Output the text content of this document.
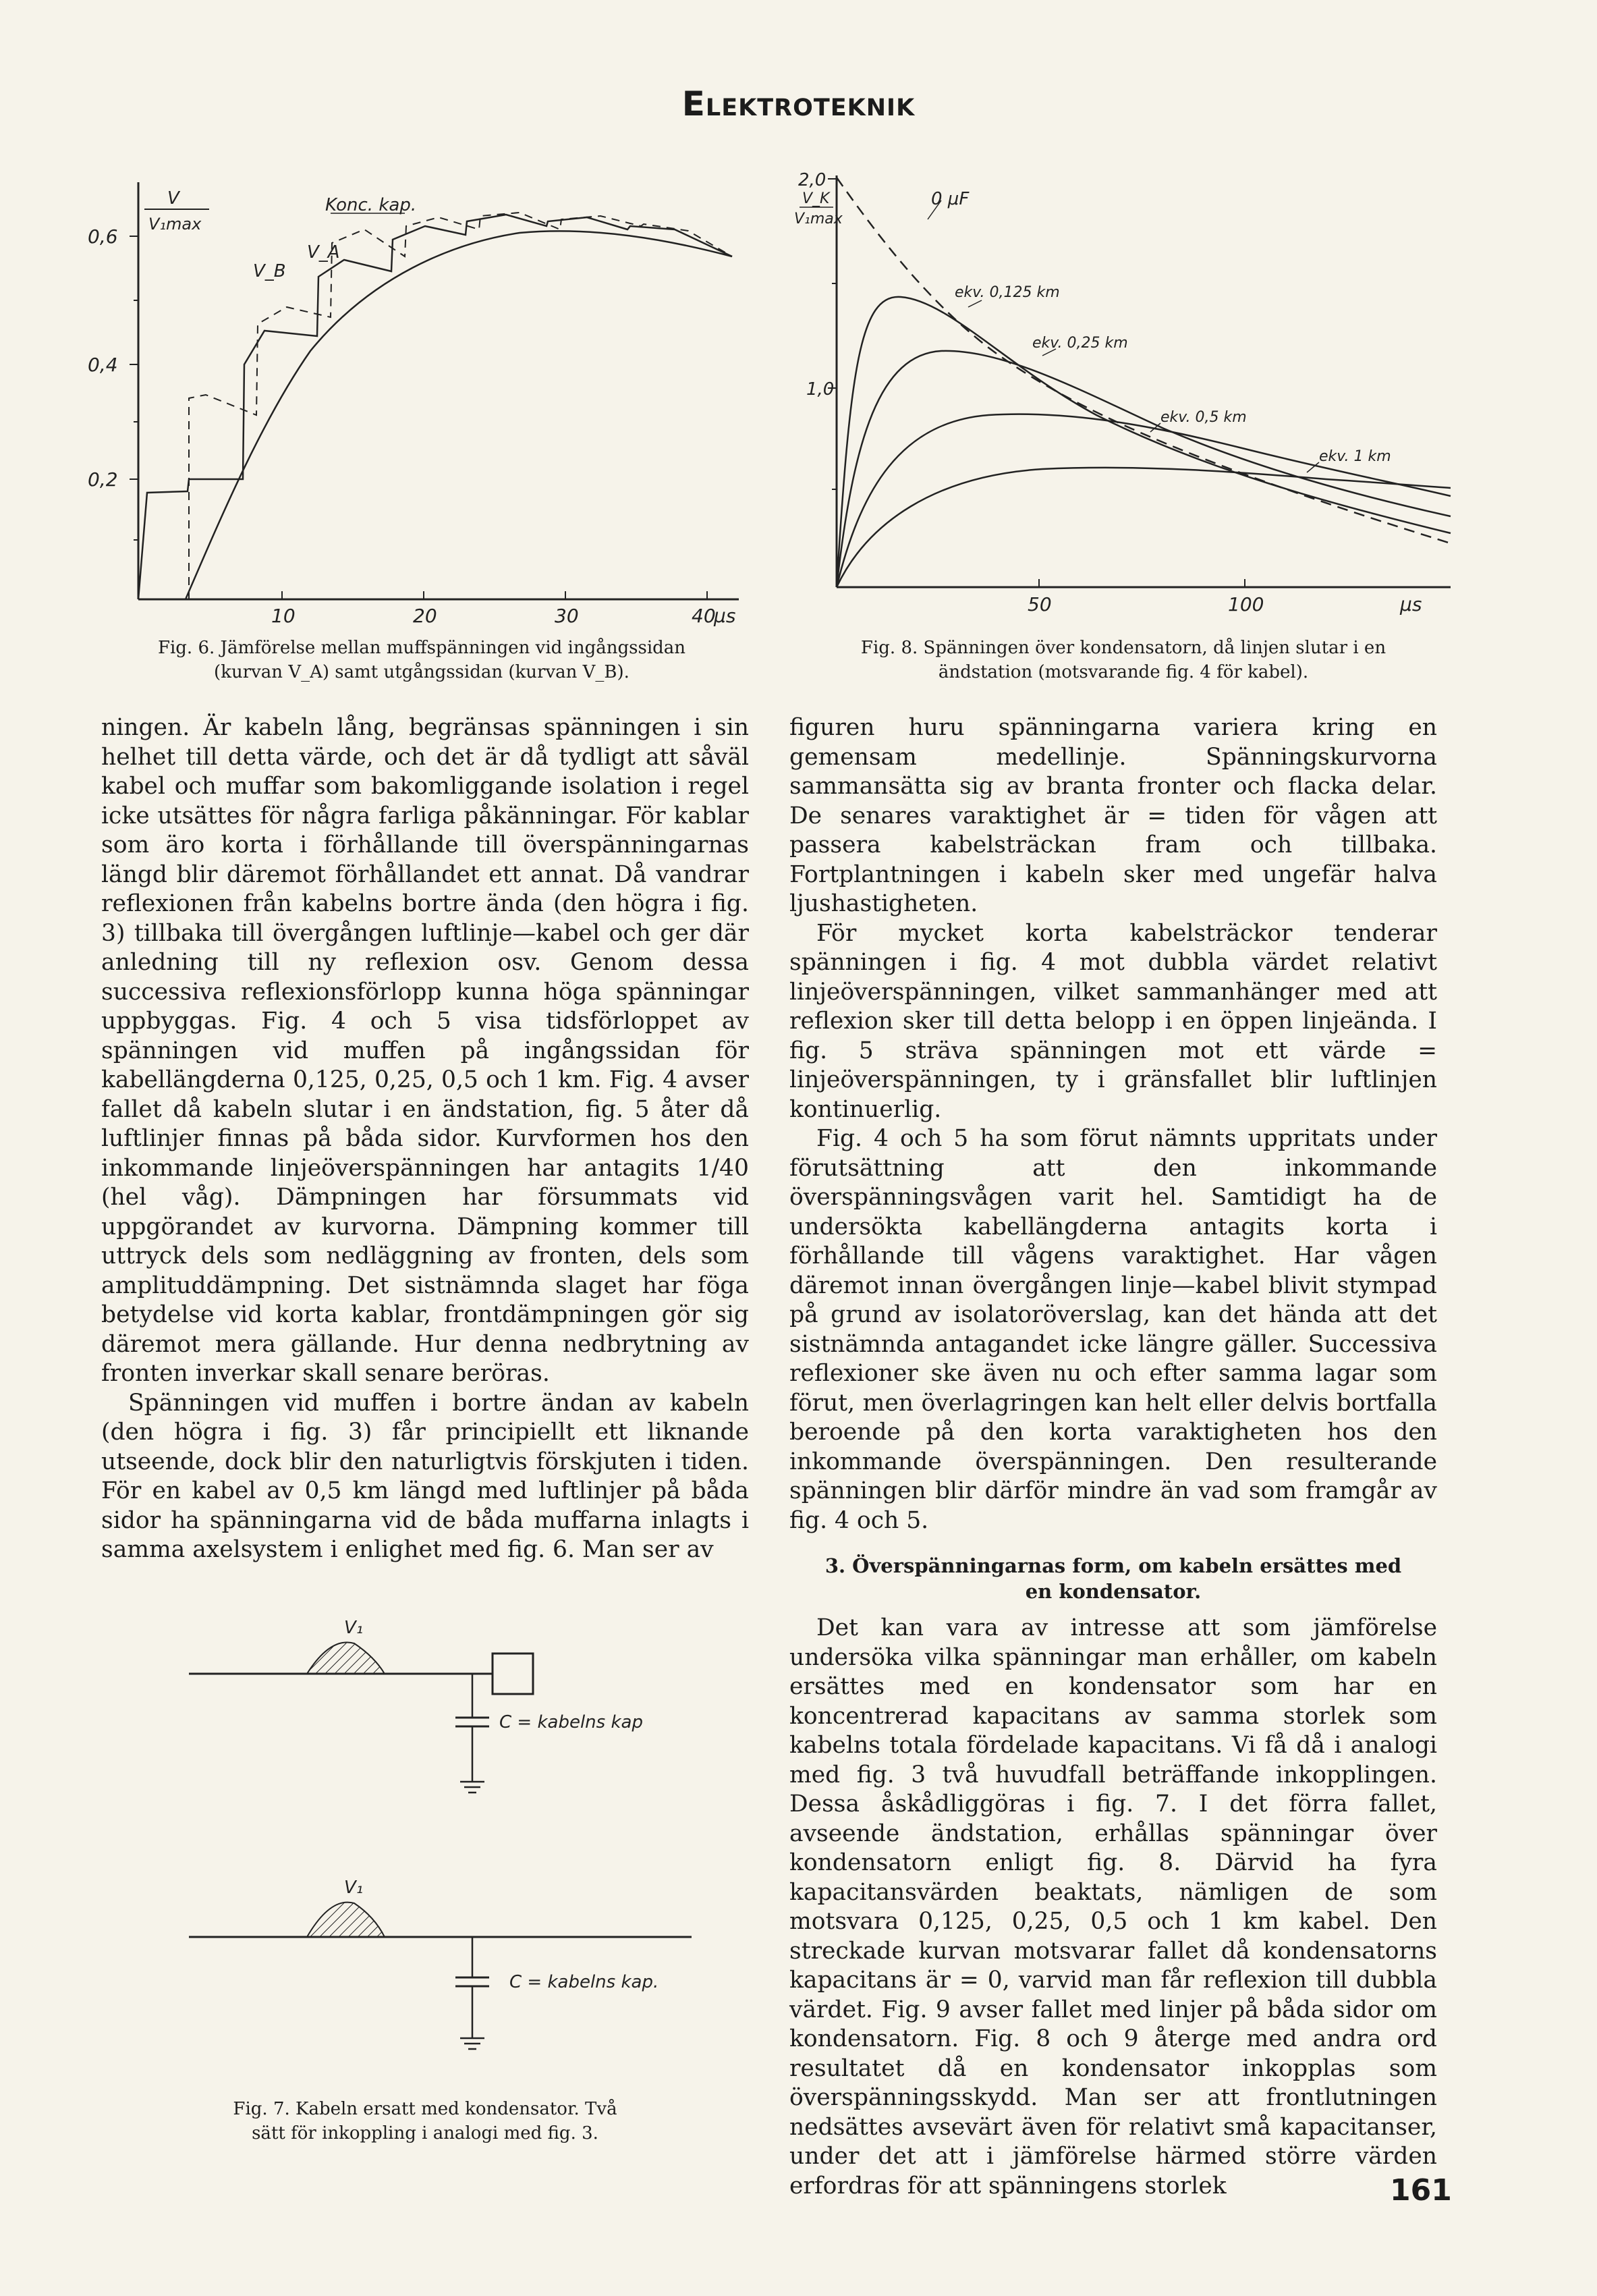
Elektroteknik
V
V₁max
V_B
V_A
Konc. kap.
0,6
0,4
0,2
10	20	30	40
μs
Fig. 6. Jämförelse mellan muffspänningen vid ingångssidan
(kurvan V_A) samt utgångssidan (kurvan V_B).
2,0
V_K
V₁max
1,0
0 μF
ekv. 0,125 km
ekv. 0,25 km
ekv. 0,5 km
ekv. 1 km
50	100	μs
Fig. 8. Spänningen över kondensatorn, då linjen slutar i en
ändstation (motsvarande fig. 4 för kabel).

ningen. Är kabeln lång, begränsas spänningen i sin helhet till detta värde, och det är då tydligt att såväl kabel och muffar som bakomliggande isolation i regel icke utsättes för några farliga påkänningar. För kablar som äro korta i förhållande till överspänningarnas längd blir däremot förhållandet ett annat. Då vandrar reflexionen från kabelns bortre ända (den högra i fig. 3) tillbaka till övergången luftlinje—kabel och ger där anledning till ny reflexion osv. Genom dessa successiva reflexionsförlopp kunna höga spänningar uppbyggas. Fig. 4 och 5 visa tidsförloppet av spänningen vid muffen på ingångssidan för kabellängderna 0,125, 0,25, 0,5 och 1 km. Fig. 4 avser fallet då kabeln slutar i en ändstation, fig. 5 åter då luftlinjer finnas på båda sidor. Kurvformen hos den inkommande linjeöverspänningen har antagits 1/40 (hel våg). Dämpningen har försummats vid uppgörandet av kurvorna. Dämpning kommer till uttryck dels som nedläggning av fronten, dels som amplituddämpning. Det sistnämnda slaget har föga betydelse vid korta kablar, frontdämpningen gör sig däremot mera gällande. Hur denna nedbrytning av fronten inverkar skall senare beröras.

Spänningen vid muffen i bortre ändan av kabeln (den högra i fig. 3) får principiellt ett liknande utseende, dock blir den naturligtvis förskjuten i tiden. För en kabel av 0,5 km längd med luftlinjer på båda sidor ha spänningarna vid de båda muffarna inlagts i samma axelsystem i enlighet med fig. 6. Man ser av

V₁
C = kabelns kap
V₁
C = kabelns kap.
Fig. 7. Kabeln ersatt med kondensator. Två
sätt för inkoppling i analogi med fig. 3.

figuren huru spänningarna variera kring en gemensam medellinje. Spänningskurvorna sammansätta sig av branta fronter och flacka delar. De senares varaktighet är = tiden för vågen att passera kabelsträckan fram och tillbaka. Fortplantningen i kabeln sker med ungefär halva ljushastigheten.

För mycket korta kabelsträckor tenderar spänningen i fig. 4 mot dubbla värdet relativt linjeöverspänningen, vilket sammanhänger med att reflexion sker till detta belopp i en öppen linjeända. I fig. 5 sträva spänningen mot ett värde = linjeöverspänningen, ty i gränsfallet blir luftlinjen kontinuerlig.

Fig. 4 och 5 ha som förut nämnts uppritats under förutsättning att den inkommande överspänningsvågen varit hel. Samtidigt ha de undersökta kabellängderna antagits korta i förhållande till vågens varaktighet. Har vågen däremot innan övergången linje—kabel blivit stympad på grund av isolatoröverslag, kan det hända att det sistnämnda antagandet icke längre gäller. Successiva reflexioner ske även nu och efter samma lagar som förut, men överlagringen kan helt eller delvis bortfalla beroende på den korta varaktigheten hos den inkommande överspänningen. Den resulterande spänningen blir därför mindre än vad som framgår av fig. 4 och 5.

3. Överspänningarnas form, om kabeln ersättes med
en kondensator.

Det kan vara av intresse att som jämförelse undersöka vilka spänningar man erhåller, om kabeln ersättes med en kondensator som har en koncentrerad kapacitans av samma storlek som kabelns totala fördelade kapacitans. Vi få då i analogi med fig. 3 två huvudfall beträffande inkopplingen. Dessa åskådliggöras i fig. 7. I det förra fallet, avseende ändstation, erhållas spänningar över kondensatorn enligt fig. 8. Därvid ha fyra kapacitansvärden beaktats, nämligen de som motsvara 0,125, 0,25, 0,5 och 1 km kabel. Den streckade kurvan motsvarar fallet då kondensatorns kapacitans är = 0, varvid man får reflexion till dubbla värdet. Fig. 9 avser fallet med linjer på båda sidor om kondensatorn. Fig. 8 och 9 återge med andra ord resultatet då en kondensator inkopplas som överspänningsskydd. Man ser att frontlutningen nedsättes avsevärt även för relativt små kapacitanser, under det att i jämförelse härmed större värden erfordras för att spänningens storlek	161
